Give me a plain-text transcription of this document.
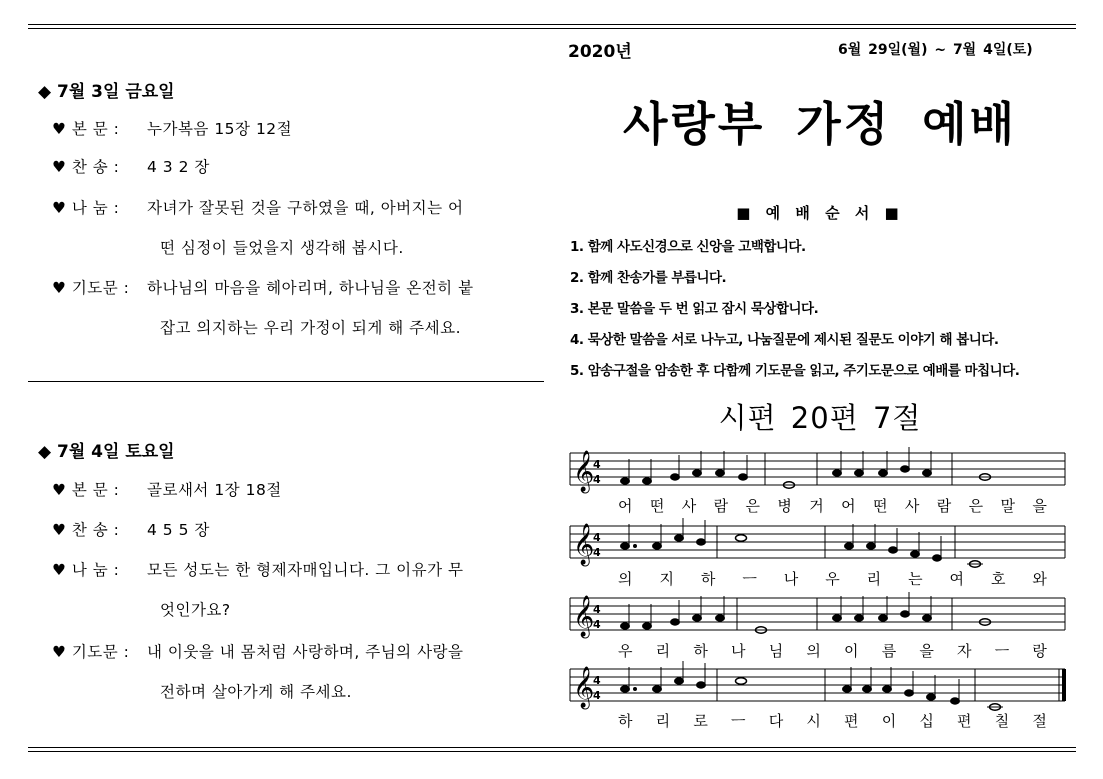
◆ 7월 3일 금요일
♥ 본 문 : 누가복음 15장 12절
♥ 찬 송 : 4 3 2 장
♥ 나 눔 : 자녀가 잘못된 것을 구하였을 때, 아버지는 어
떤 심정이 들었을지 생각해 봅시다.
♥ 기도문 : 하나님의 마음을 헤아리며, 하나님을 온전히 붙
잡고 의지하는 우리 가정이 되게 해 주세요.
◆ 7월 4일 토요일
♥ 본 문 : 골로새서 1장 18절
♥ 찬 송 : 4 5 5 장
♥ 나 눔 : 모든 성도는 한 형제자매입니다. 그 이유가 무
엇인가요?
♥ 기도문 : 내 이웃을 내 몸처럼 사랑하며, 주님의 사랑을
전하며 살아가게 해 주세요.
2020년	6월 29일(월) ~ 7월 4일(토)
사랑부 가정 예배
■ 예 배 순 서 ■
1. 함께 사도신경으로 신앙을 고백합니다.
2. 함께 찬송가를 부릅니다.
3. 본문 말씀을 두 번 읽고 잠시 묵상합니다.
4. 묵상한 말씀을 서로 나누고, 나눔질문에 제시된 질문도 이야기 해 봅니다.
5. 암송구절을 암송한 후 다함께 기도문을 읽고, 주기도문으로 예배를 마칩니다.
시편 20편 7절
𝄞
4
4
어 떤 사 람 은 병 거 어 떤 사 람 은 말 을
𝄞
4
4
의 지 하 ㅡ 나 우 리 는 여 호 와
𝄞
4
4
우 리 하 나 님 의 이 름 을 자 ㅡ 랑
𝄞
4
4
하 리 로 ㅡ 다 시 편 이 십 편 칠 절
